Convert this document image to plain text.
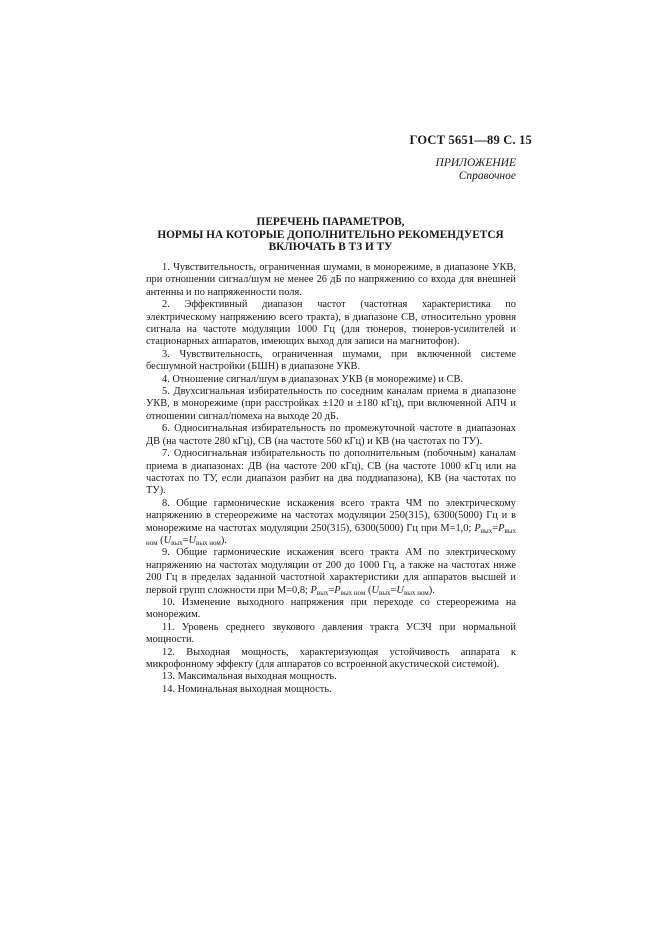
ГОСТ 5651—89 С. 15
ПРИЛОЖЕНИЕ
Справочное
ПЕРЕЧЕНЬ ПАРАМЕТРОВ,
НОРМЫ НА КОТОРЫЕ ДОПОЛНИТЕЛЬНО РЕКОМЕНДУЕТСЯ
ВКЛЮЧАТЬ В ТЗ И ТУ

1. Чувствительность, ограниченная шумами, в монорежиме, в диапазоне УКВ, при отношении сигнал/шум не менее 26 дБ по напряжению со входа для внешней антенны и по напряженности поля.

2. Эффективный диапазон частот (частотная характеристика по электрическому напряжению всего тракта), в диапазоне СВ, относительно уровня сигнала на частоте модуляции 1000 Гц (для тюнеров, тюнеров-усилителей и стационарных аппаратов, имеющих выход для записи на магнитофон).

3. Чувствительность, ограниченная шумами, при включенной системе бесшумной настройки (БШН) в диапазоне УКВ.

4. Отношение сигнал/шум в диапазонах УКВ (в монорежиме) и СВ.

5. Двухсигнальная избирательность по соседним каналам приема в диапазоне УКВ, в монорежиме (при расстройках ±120 и ±180 кГц), при включенной АПЧ и отношении сигнал/помеха на выходе 20 дБ.

6. Односигнальная избирательность по промежуточной частоте в диапазонах ДВ (на частоте 280 кГц), СВ (на частоте 560 кГц) и КВ (на частотах по ТУ).

7. Односигнальная избирательность по дополнительным (побочным) каналам приема в диапазонах: ДВ (на частоте 200 кГц), СВ (на частоте 1000 кГц или на частотах по ТУ, если диапазон разбит на два поддиапазона), КВ (на частотах по ТУ).

8. Общие гармонические искажения всего тракта ЧМ по электрическому напряжению в стереорежиме на частотах модуляции 250(315), 6300(5000) Гц и в монорежиме на частотах модуляции 250(315), 6300(5000) Гц при М=1,0; $P_{вых}=P_{вых ном}$ $(U_{вых}=U_{вых ном})$.

9. Общие гармонические искажения всего тракта АМ по электрическому напряжению на частотах модуляции от 200 до 1000 Гц, а также на частотах ниже 200 Гц в пределах заданной частотной характеристики для аппаратов высшей и первой групп сложности при М=0,8; $P_{вых}=P_{вых ном}$ $(U_{вых}=U_{вых ном})$.

10. Изменение выходного напряжения при переходе со стереорежима на монорежим.

11. Уровень среднего звукового давления тракта УСЗЧ при нормальной мощности.

12. Выходная мощность, характеризующая устойчивость аппарата к микрофонному эффекту (для аппаратов со встроенной акустической системой).

13. Максимальная выходная мощность.

14. Номинальная выходная мощность.
